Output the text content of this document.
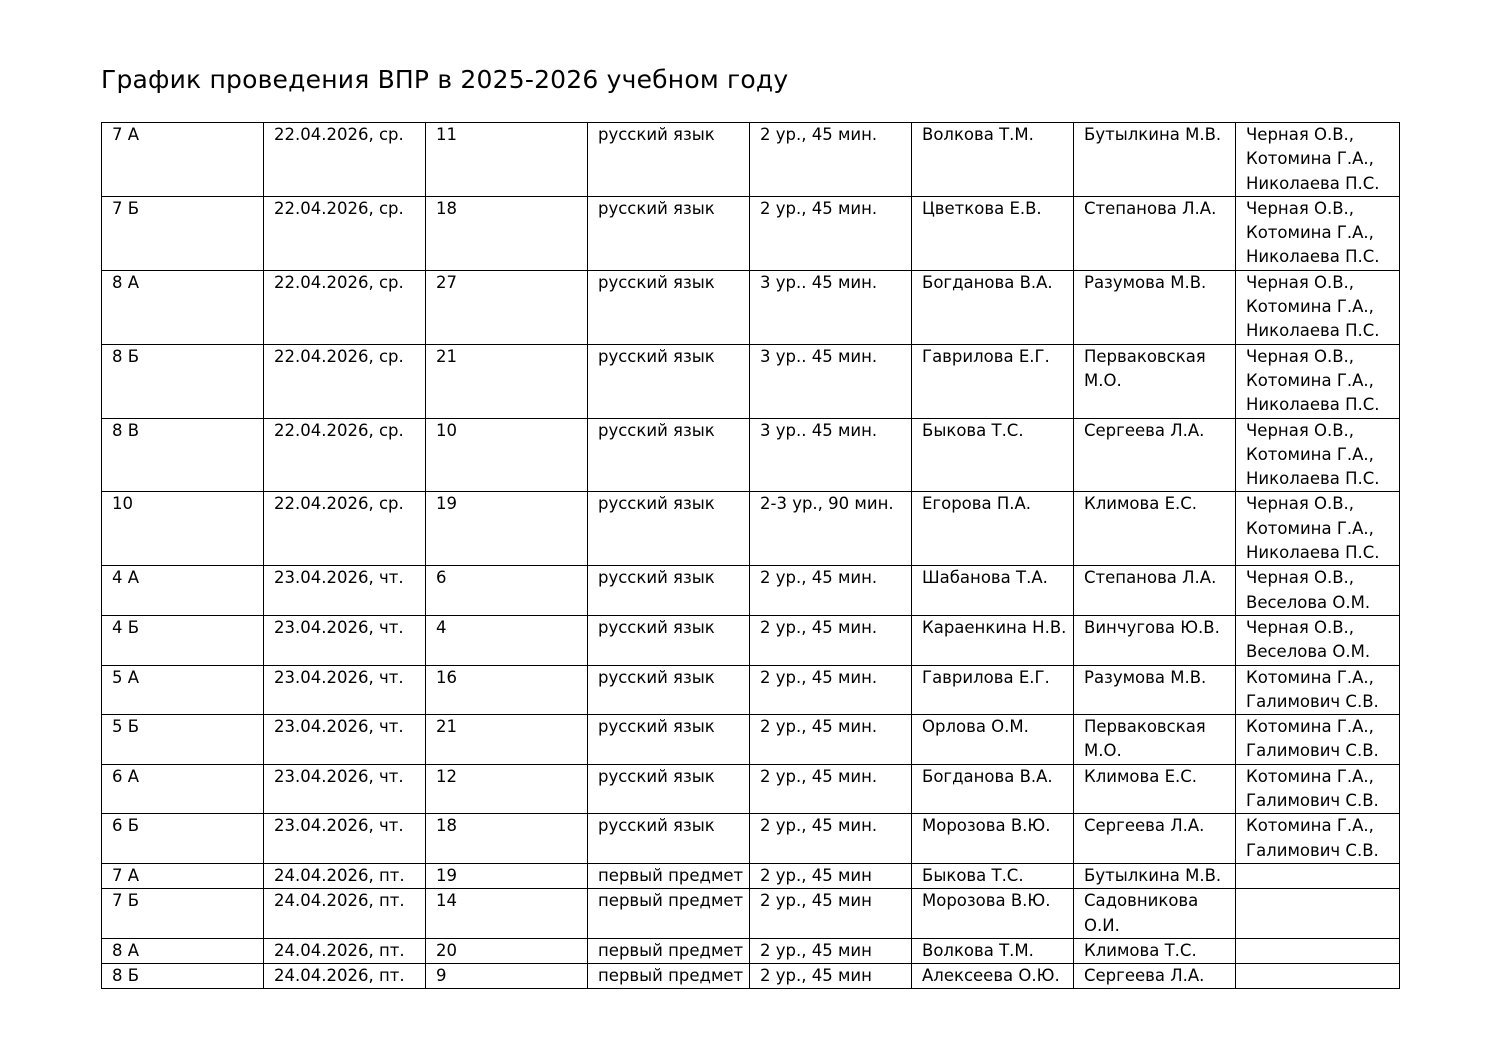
График проведения ВПР в 2025-2026 учебном году
7 А	22.04.2026, ср.	11	русский язык	2 ур., 45 мин.	Волкова Т.М.	Бутылкина М.В.	Черная О.В.,
Котомина Г.А.,
Николаева П.С.

7 Б	22.04.2026, ср.	18	русский язык	2 ур., 45 мин.	Цветкова Е.В.	Степанова Л.А.	Черная О.В.,
Котомина Г.А.,
Николаева П.С.

8 А	22.04.2026, ср.	27	русский язык	3 ур.. 45 мин.	Богданова В.А.	Разумова М.В.	Черная О.В.,
Котомина Г.А.,
Николаева П.С.

8 Б	22.04.2026, ср.	21	русский язык	3 ур.. 45 мин.	Гаврилова Е.Г.	Перваковская
М.О.	Черная О.В.,
Котомина Г.А.,
Николаева П.С.

8 В	22.04.2026, ср.	10	русский язык	3 ур.. 45 мин.	Быкова Т.С.	Сергеева Л.А.	Черная О.В.,
Котомина Г.А.,
Николаева П.С.

10	22.04.2026, ср.	19	русский язык	2-3 ур., 90 мин.	Егорова П.А.	Климова Е.С.	Черная О.В.,
Котомина Г.А.,
Николаева П.С.

4 А	23.04.2026, чт.	6	русский язык	2 ур., 45 мин.	Шабанова Т.А.	Степанова Л.А.	Черная О.В.,
Веселова О.М.

4 Б	23.04.2026, чт.	4	русский язык	2 ур., 45 мин.	Караенкина Н.В.	Винчугова Ю.В.	Черная О.В.,
Веселова О.М.

5 А	23.04.2026, чт.	16	русский язык	2 ур., 45 мин.	Гаврилова Е.Г.	Разумова М.В.	Котомина Г.А.,
Галимович С.В.

5 Б	23.04.2026, чт.	21	русский язык	2 ур., 45 мин.	Орлова О.М.	Перваковская
М.О.	Котомина Г.А.,
Галимович С.В.

6 А	23.04.2026, чт.	12	русский язык	2 ур., 45 мин.	Богданова В.А.	Климова Е.С.	Котомина Г.А.,
Галимович С.В.

6 Б	23.04.2026, чт.	18	русский язык	2 ур., 45 мин.	Морозова В.Ю.	Сергеева Л.А.	Котомина Г.А.,
Галимович С.В.

7 А	24.04.2026, пт.	19	первый предмет	2 ур., 45 мин	Быкова Т.С.	Бутылкина М.В.	

7 Б	24.04.2026, пт.	14	первый предмет	2 ур., 45 мин	Морозова В.Ю.	Садовникова
О.И.	

8 А	24.04.2026, пт.	20	первый предмет	2 ур., 45 мин	Волкова Т.М.	Климова Т.С.	

8 Б	24.04.2026, пт.	9	первый предмет	2 ур., 45 мин	Алексеева О.Ю.	Сергеева Л.А.	
